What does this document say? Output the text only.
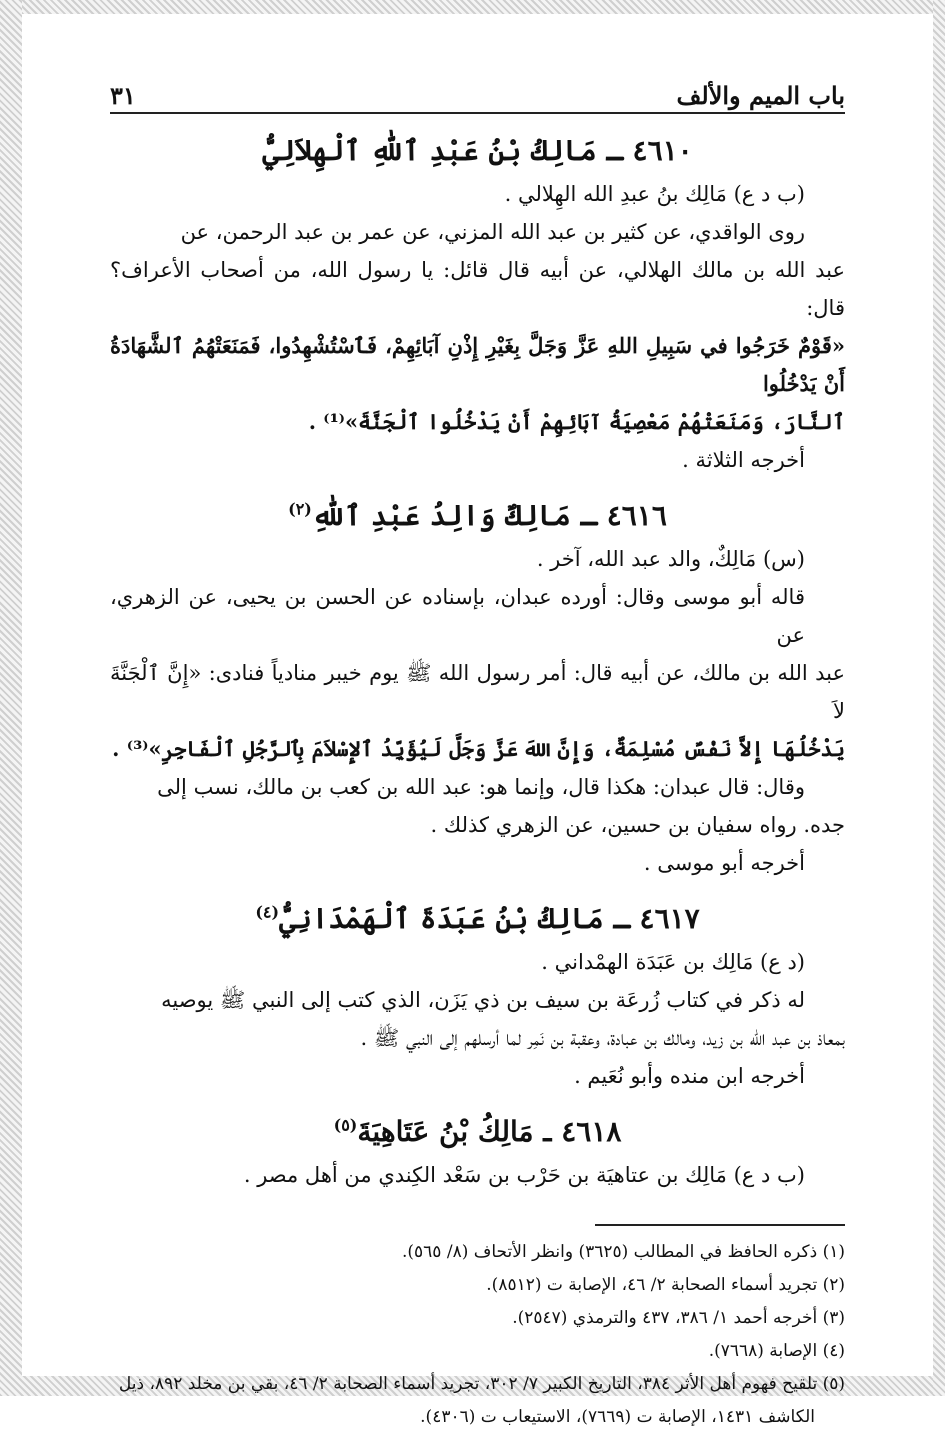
باب الميم والألف
٣١
٤٦١٠ ـ مَالِكُ بْنُ عَبْدِ ٱللّٰهِ ٱلْهِلاَلِيُّ

(ب د ع) مَالِك بنُ عبدِ الله الهِلالي .

روى الواقدي، عن كثير بن عبد الله المزني، عن عمر بن عبد الرحمن، عن

عبد الله بن مالك الهلالي، عن أبيه قال قائل: يا رسول الله، من أصحاب الأعراف؟ قال:

«قَوْمٌ خَرَجُوا في سَبِيلِ اللهِ عَزَّ وَجَلَّ بِغَيْرِ إِذْنِ آبَائِهِمْ، فَٱسْتُشْهِدُوا، فَمَنَعَتْهُمُ ٱلشَّهَادَةُ أَنْ يَدْخُلُوا

ٱلنَّارَ، وَمَنَعَتْهُمْ مَعْصِيَةُ آبَائِهِمْ أَنْ يَدْخُلُوا ٱلْجَنَّةَ»⁽¹⁾ .

أخرجه الثلاثة .

٤٦١٦ ـ مَالِكٌ وَالِدُ عَبْدِ ٱللّٰهِ$^{(٢)}$

(س) مَالِكٌ، والد عبد الله، آخر .

قاله أبو موسى وقال: أورده عبدان، بإسناده عن الحسن بن يحيى، عن الزهري، عن

عبد الله بن مالك، عن أبيه قال: أمر رسول الله ﷺ يوم خيبر منادياً فنادى: «إِنَّ ٱلْجَنَّةَ لاَ

يَدْخُلُهَا إِلاَّ نَفْسٌ مُسْلِمَةٌ، وَإِنَّ اللهَ عَزَّ وَجَلَّ لَيُؤَيِّدُ ٱلإِسْلاَمَ بِٱلرَّجُلِ ٱلْفَاجِرِ»⁽³⁾ .

وقال: قال عبدان: هكذا قال، وإنما هو: عبد الله بن كعب بن مالك، نسب إلى

جده. رواه سفيان بن حسين، عن الزهري كذلك .

أخرجه أبو موسى .

٤٦١٧ ـ مَالِكُ بْنُ عَبَدَةَ ٱلْهَمْدَانِيُّ$^{(٤)}$

(د ع) مَالِك بن عَبَدَة الهمْداني .

له ذكر في كتاب زُرعَة بن سيف بن ذي يَزَن، الذي كتب إلى النبي ﷺ يوصيه

بمعاذ بن عبد الله بن زيد، ومالك بن عبادة، وعقبة بن نَمِر لما أرسلهم إلى النبي ﷺ .

أخرجه ابن منده وأبو نُعَيم .

٤٦١٨ ـ مَالِكُ بْنُ عَتَاهِيَةَ$^{(٥)}$

(ب د ع) مَالِك بن عتاهيَة بن حَرْب بن سَعْد الكِندي من أهل مصر .

(١) ذكره الحافظ في المطالب (٣٦٢٥) وانظر الأتحاف (٨/ ٥٦٥).

(٢) تجريد أسماء الصحابة ٢/ ٤٦، الإصابة ت (٨٥١٢).

(٣) أخرجه أحمد ١/ ٣٨٦، ٤٣٧ والترمذي (٢٥٤٧).

(٤) الإصابة (٧٦٦٨).

(٥) تلقيح فهوم أهل الأثر ٣٨٤، التاريخ الكبير ٧/ ٣٠٢، تجريد أسماء الصحابة ٢/ ٤٦، بقي بن مخلد ٨٩٢، ذيل الكاشف ١٤٣١، الإصابة ت (٧٦٦٩)، الاستيعاب ت (٤٣٠٦).
